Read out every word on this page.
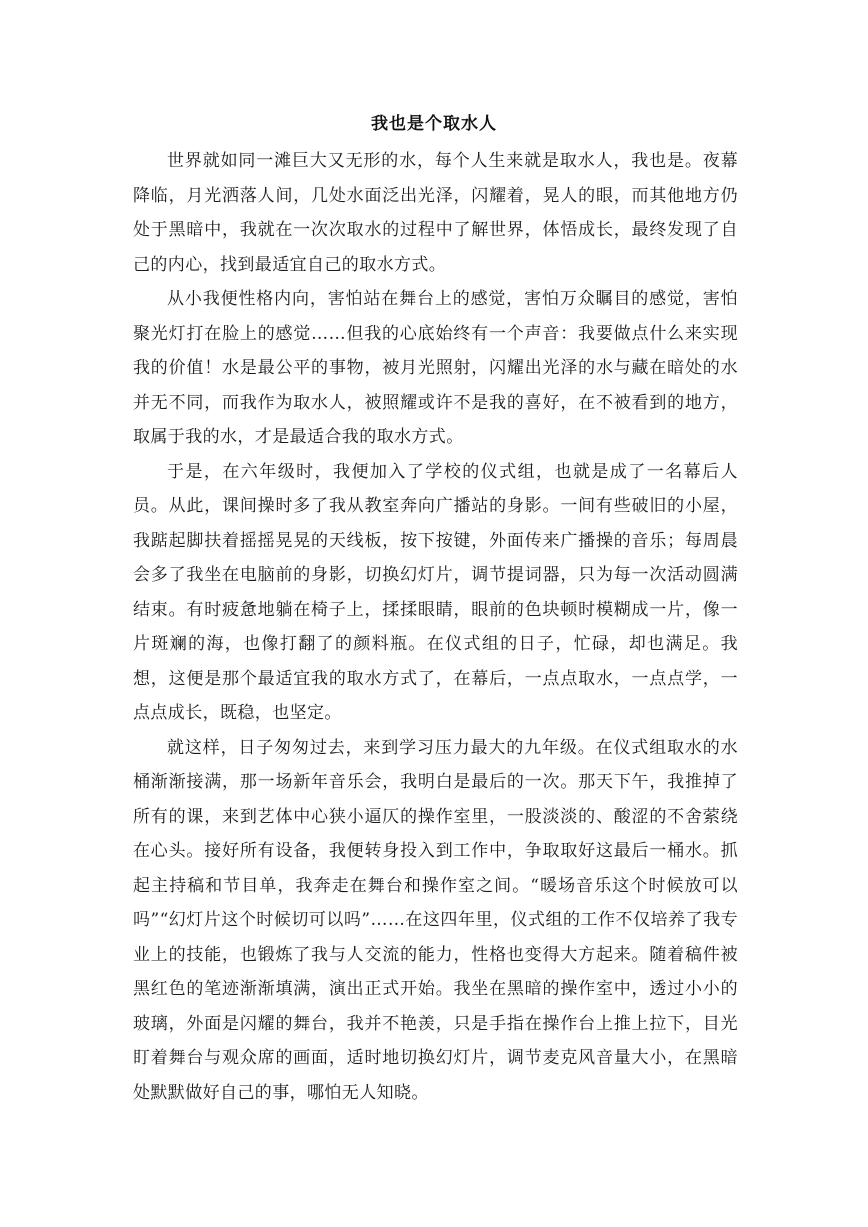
我也是个取水人

世界就如同一滩巨大又无形的水，每个人生来就是取水人，我也是。夜幕降临，月光洒落人间，几处水面泛出光泽，闪耀着，晃人的眼，而其他地方仍处于黑暗中，我就在一次次取水的过程中了解世界，体悟成长，最终发现了自己的内心，找到最适宜自己的取水方式。

从小我便性格内向，害怕站在舞台上的感觉，害怕万众瞩目的感觉，害怕聚光灯打在脸上的感觉……但我的心底始终有一个声音：我要做点什么来实现我的价值！水是最公平的事物，被月光照射，闪耀出光泽的水与藏在暗处的水并无不同，而我作为取水人，被照耀或许不是我的喜好，在不被看到的地方，取属于我的水，才是最适合我的取水方式。

于是，在六年级时，我便加入了学校的仪式组，也就是成了一名幕后人员。从此，课间操时多了我从教室奔向广播站的身影。一间有些破旧的小屋，我踮起脚扶着摇摇晃晃的天线板，按下按键，外面传来广播操的音乐；每周晨会多了我坐在电脑前的身影，切换幻灯片，调节提词器，只为每一次活动圆满结束。有时疲惫地躺在椅子上，揉揉眼睛，眼前的色块顿时模糊成一片，像一片斑斓的海，也像打翻了的颜料瓶。在仪式组的日子，忙碌，却也满足。我想，这便是那个最适宜我的取水方式了，在幕后，一点点取水，一点点学，一点点成长，既稳，也坚定。

就这样，日子匆匆过去，来到学习压力最大的九年级。在仪式组取水的水桶渐渐接满，那一场新年音乐会，我明白是最后的一次。那天下午，我推掉了所有的课，来到艺体中心狭小逼仄的操作室里，一股淡淡的、酸涩的不舍萦绕在心头。接好所有设备，我便转身投入到工作中，争取取好这最后一桶水。抓起主持稿和节目单，我奔走在舞台和操作室之间。“暖场音乐这个时候放可以吗”“幻灯片这个时候切可以吗”……在这四年里，仪式组的工作不仅培养了我专业上的技能，也锻炼了我与人交流的能力，性格也变得大方起来。随着稿件被黑红色的笔迹渐渐填满，演出正式开始。我坐在黑暗的操作室中，透过小小的玻璃，外面是闪耀的舞台，我并不艳羡，只是手指在操作台上推上拉下，目光盯着舞台与观众席的画面，适时地切换幻灯片，调节麦克风音量大小，在黑暗处默默做好自己的事，哪怕无人知晓。
